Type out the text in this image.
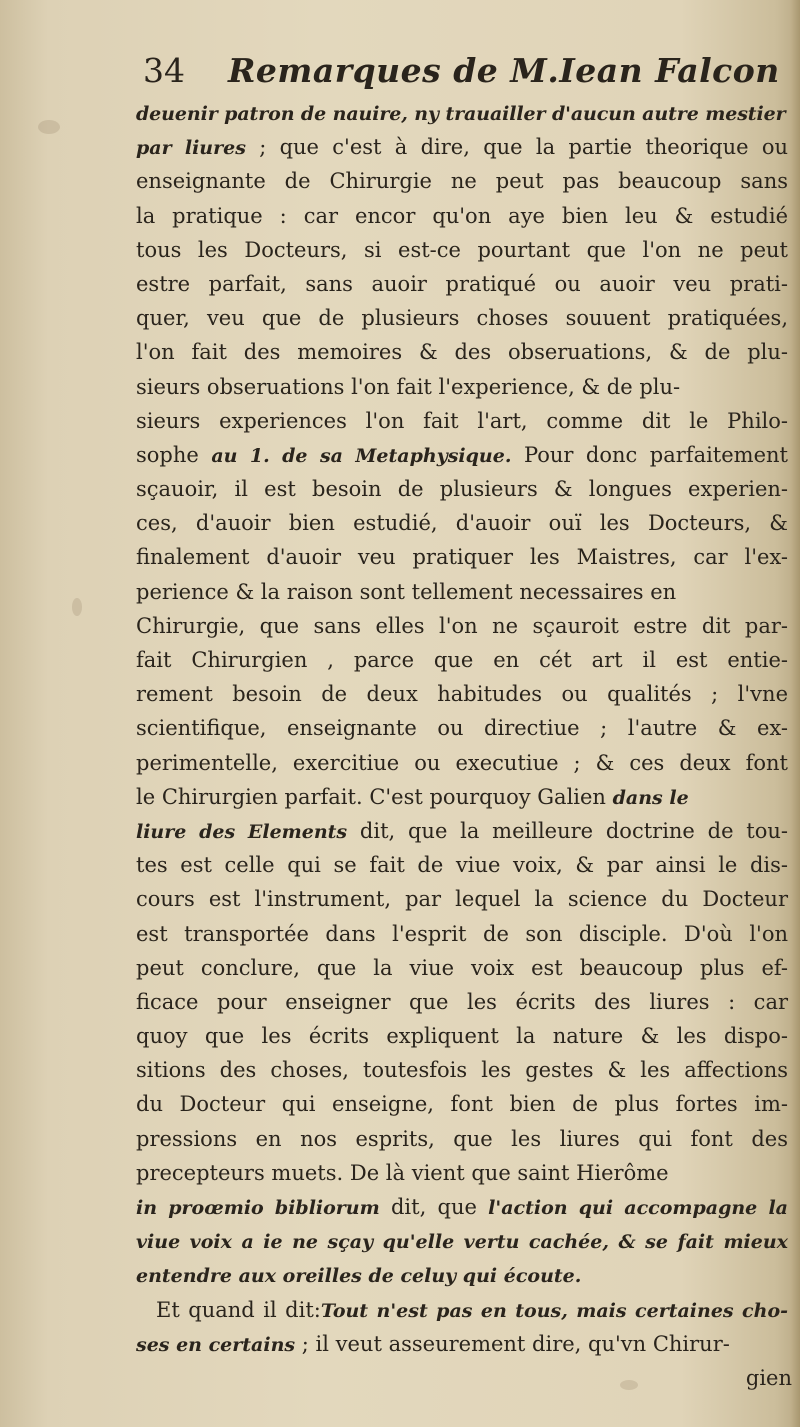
34 Remarques de M.Iean Falcon
deuenir patron de nauire, ny trauailler d'aucun autre mestier
par liures ; que c'est à dire, que la partie theorique ou
enseignante de Chirurgie ne peut pas beaucoup sans
la pratique : car encor qu'on aye bien leu & estudié
tous les Docteurs, si est-ce pourtant que l'on ne peut
estre parfait, sans auoir pratiqué ou auoir veu prati-
quer, veu que de plusieurs choses souuent pratiquées,
l'on fait des memoires & des obseruations, & de plu-
sieurs obseruations l'on fait l'experience, & de plu-
sieurs experiences l'on fait l'art, comme dit le Philo-
sophe au 1. de sa Metaphysique. Pour donc parfaitement
sçauoir, il est besoin de plusieurs & longues experien-
ces, d'auoir bien estudié, d'auoir ouï les Docteurs, &
finalement d'auoir veu pratiquer les Maistres, car l'ex-
perience & la raison sont tellement necessaires en
Chirurgie, que sans elles l'on ne sçauroit estre dit par-
fait Chirurgien , parce que en cét art il est entie-
rement besoin de deux habitudes ou qualités ; l'vne
scientifique, enseignante ou directiue ; l'autre & ex-
perimentelle, exercitiue ou executiue ; & ces deux font
le Chirurgien parfait. C'est pourquoy Galien dans le
liure des Elements dit, que la meilleure doctrine de tou-
tes est celle qui se fait de viue voix, & par ainsi le dis-
cours est l'instrument, par lequel la science du Docteur
est transportée dans l'esprit de son disciple. D'où l'on
peut conclure, que la viue voix est beaucoup plus ef-
ficace pour enseigner que les écrits des liures : car
quoy que les écrits expliquent la nature & les dispo-
sitions des choses, toutesfois les gestes & les affections
du Docteur qui enseigne, font bien de plus fortes im-
pressions en nos esprits, que les liures qui font des
precepteurs muets. De là vient que saint Hierôme
in proœmio bibliorum dit, que l'action qui accompagne la
viue voix a ie ne sçay qu'elle vertu cachée, & se fait mieux
entendre aux oreilles de celuy qui écoute.
Et quand il dit:Tout n'est pas en tous, mais certaines cho-
ses en certains ; il veut asseurement dire, qu'vn Chirur-
gien
